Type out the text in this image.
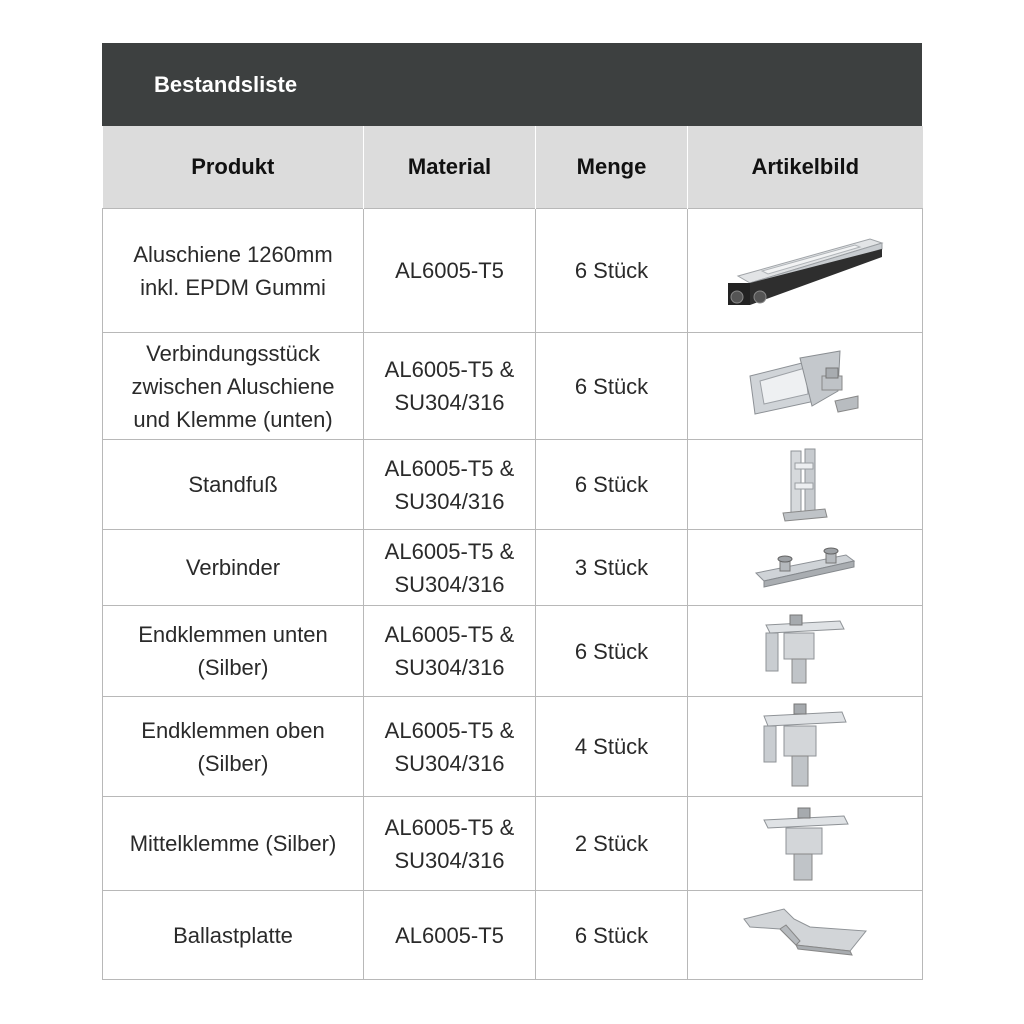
Bestandsliste
Produkt	Material	Menge	Artikelbild

Aluschiene 1260mm
inkl. EPDM Gummi	AL6005-T5	6 Stück	

Verbindungsstück
zwischen Aluschiene
und Klemme (unten)	AL6005-T5 &
SU304/316	6 Stück	

Standfuß	AL6005-T5 &
SU304/316	6 Stück	

Verbinder	AL6005-T5 &
SU304/316	3 Stück	

Endklemmen unten
(Silber)	AL6005-T5 &
SU304/316	6 Stück	

Endklemmen oben
(Silber)	AL6005-T5 &
SU304/316	4 Stück	

Mittelklemme (Silber)	AL6005-T5 &
SU304/316	2 Stück	

Ballastplatte	AL6005-T5	6 Stück	
